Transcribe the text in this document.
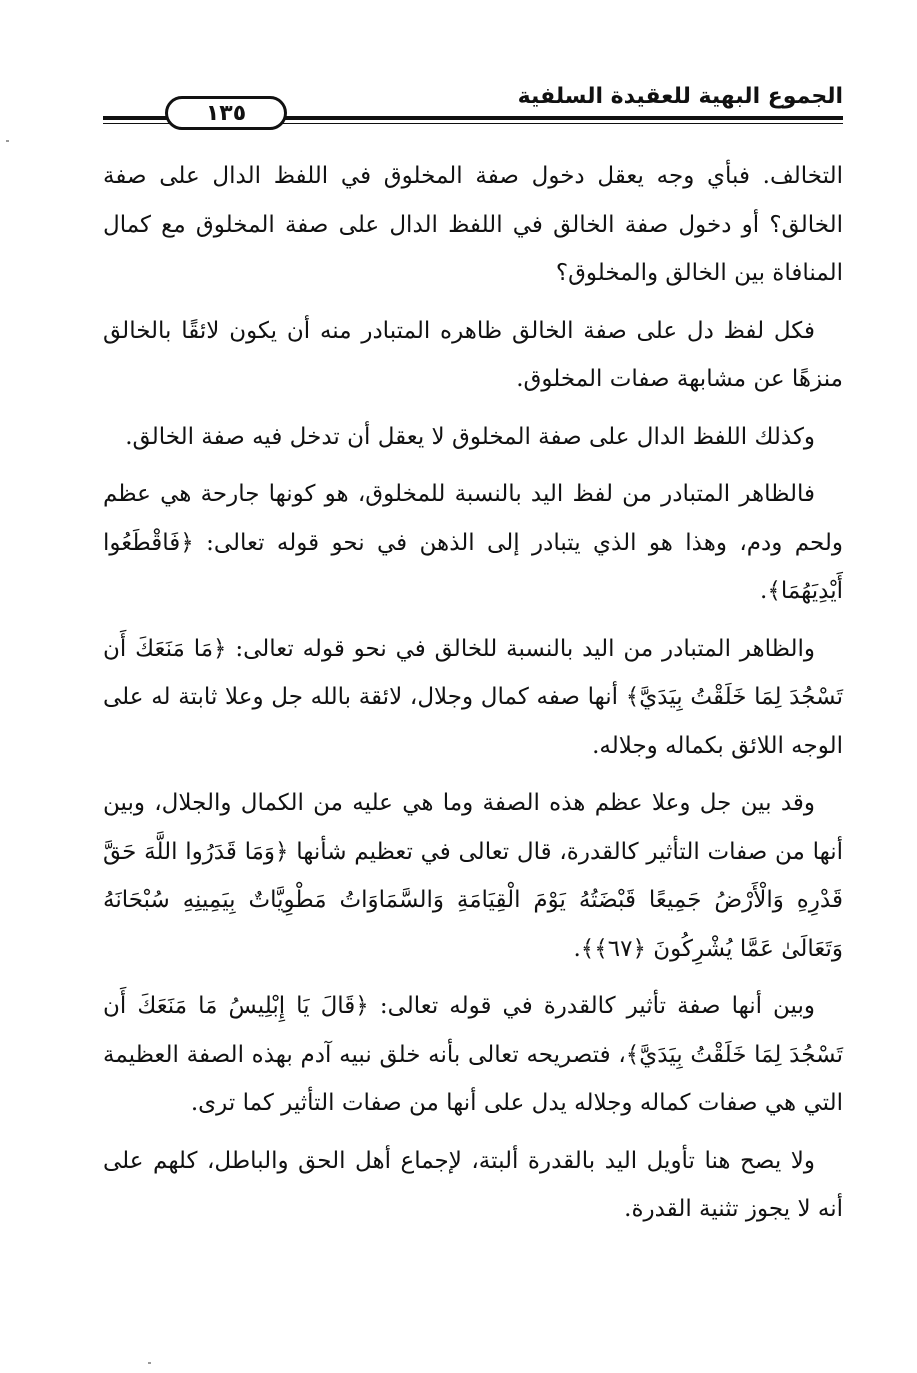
الجموع البهية للعقيدة السلفية
١٣٥

التخالف. فبأي وجه يعقل دخول صفة المخلوق في اللفظ الدال على صفة الخالق؟ أو دخول صفة الخالق في اللفظ الدال على صفة المخلوق مع كمال المنافاة بين الخالق والمخلوق؟

فكل لفظ دل على صفة الخالق ظاهره المتبادر منه أن يكون لائقًا بالخالق منزهًا عن مشابهة صفات المخلوق.

وكذلك اللفظ الدال على صفة المخلوق لا يعقل أن تدخل فيه صفة الخالق.

فالظاهر المتبادر من لفظ اليد بالنسبة للمخلوق، هو كونها جارحة هي عظم ولحم ودم، وهذا هو الذي يتبادر إلى الذهن في نحو قوله تعالى: ﴿فَاقْطَعُوا أَيْدِيَهُمَا﴾.

والظاهر المتبادر من اليد بالنسبة للخالق في نحو قوله تعالى: ﴿مَا مَنَعَكَ أَن تَسْجُدَ لِمَا خَلَقْتُ بِيَدَيَّ﴾ أنها صفه كمال وجلال، لائقة بالله جل وعلا ثابتة له على الوجه اللائق بكماله وجلاله.

وقد بين جل وعلا عظم هذه الصفة وما هي عليه من الكمال والجلال، وبين أنها من صفات التأثير كالقدرة، قال تعالى في تعظيم شأنها ﴿وَمَا قَدَرُوا اللَّهَ حَقَّ قَدْرِهِ وَالْأَرْضُ جَمِيعًا قَبْضَتُهُ يَوْمَ الْقِيَامَةِ وَالسَّمَاوَاتُ مَطْوِيَّاتٌ بِيَمِينِهِ سُبْحَانَهُ وَتَعَالَىٰ عَمَّا يُشْرِكُونَ ﴿٦٧﴾﴾.

وبين أنها صفة تأثير كالقدرة في قوله تعالى: ﴿قَالَ يَا إِبْلِيسُ مَا مَنَعَكَ أَن تَسْجُدَ لِمَا خَلَقْتُ بِيَدَيَّ﴾، فتصريحه تعالى بأنه خلق نبيه آدم بهذه الصفة العظيمة التي هي صفات كماله وجلاله يدل على أنها من صفات التأثير كما ترى.

ولا يصح هنا تأويل اليد بالقدرة ألبتة، لإجماع أهل الحق والباطل، كلهم على أنه لا يجوز تثنية القدرة.
